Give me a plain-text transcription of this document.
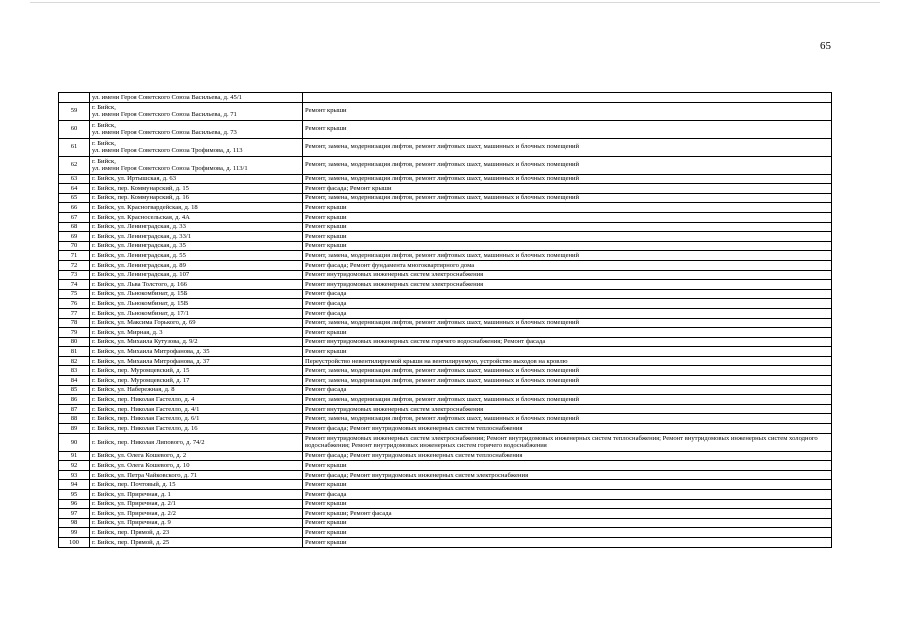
65
	ул. имени Героя Советского Союза Васильева, д. 45/1	
59	г. Бийск,
ул. имени Героя Советского Союза Васильева, д. 71	Ремонт крыши
60	г. Бийск,
ул. имени Героя Советского Союза Васильева, д. 73	Ремонт крыши
61	г. Бийск,
ул. имени Героя Советского Союза Трофимова, д. 113	Ремонт, замена, модернизация лифтов, ремонт лифтовых шахт, машинных и блочных помещений
62	г. Бийск,
ул. имени Героя Советского Союза Трофимова, д. 113/1	Ремонт, замена, модернизация лифтов, ремонт лифтовых шахт, машинных и блочных помещений
63	г. Бийск, ул. Иртышская, д. 63	Ремонт, замена, модернизация лифтов, ремонт лифтовых шахт, машинных и блочных помещений
64	г. Бийск, пер. Коммунарский, д. 15	Ремонт фасада; Ремонт крыши
65	г. Бийск, пер. Коммунарский, д. 16	Ремонт, замена, модернизация лифтов, ремонт лифтовых шахт, машинных и блочных помещений
66	г. Бийск, ул. Красногвардейская, д. 18	Ремонт крыши
67	г. Бийск, ул. Красносельская, д. 4А	Ремонт крыши
68	г. Бийск, ул. Ленинградская, д. 33	Ремонт крыши
69	г. Бийск, ул. Ленинградская, д. 33/1	Ремонт крыши
70	г. Бийск, ул. Ленинградская, д. 35	Ремонт крыши
71	г. Бийск, ул. Ленинградская, д. 55	Ремонт, замена, модернизация лифтов, ремонт лифтовых шахт, машинных и блочных помещений
72	г. Бийск, ул. Ленинградская, д. 89	Ремонт фасада; Ремонт фундамента многоквартирного дома
73	г. Бийск, ул. Ленинградская, д. 107	Ремонт внутридомовых инженерных систем электроснабжения
74	г. Бийск, ул. Льва Толстого, д. 166	Ремонт внутридомовых инженерных систем электроснабжения
75	г. Бийск, ул. Льнокомбинат, д. 15Б	Ремонт фасада
76	г. Бийск, ул. Льнокомбинат, д. 15В	Ремонт фасада
77	г. Бийск, ул. Льнокомбинат, д. 17/1	Ремонт фасада
78	г. Бийск, ул. Максима Горького, д. 69	Ремонт, замена, модернизация лифтов, ремонт лифтовых шахт, машинных и блочных помещений
79	г. Бийск, ул. Мирная, д. 3	Ремонт крыши
80	г. Бийск, ул. Михаила Кутузова, д. 9/2	Ремонт внутридомовых инженерных систем горячего водоснабжения; Ремонт фасада
81	г. Бийск, ул. Михаила Митрофанова, д. 35	Ремонт крыши
82	г. Бийск, ул. Михаила Митрофанова, д. 37	Переустройство невентилируемой крыши на вентилируемую, устройство выходов на кровлю
83	г. Бийск, пер. Муромцевский, д. 15	Ремонт, замена, модернизация лифтов, ремонт лифтовых шахт, машинных и блочных помещений
84	г. Бийск, пер. Муромцевский, д. 17	Ремонт, замена, модернизация лифтов, ремонт лифтовых шахт, машинных и блочных помещений
85	г. Бийск, ул. Набережная, д. 8	Ремонт фасада
86	г. Бийск, пер. Николая Гастелло, д. 4	Ремонт, замена, модернизация лифтов, ремонт лифтовых шахт, машинных и блочных помещений
87	г. Бийск, пер. Николая Гастелло, д. 4/1	Ремонт внутридомовых инженерных систем электроснабжения
88	г. Бийск, пер. Николая Гастелло, д. 6/1	Ремонт, замена, модернизация лифтов, ремонт лифтовых шахт, машинных и блочных помещений
89	г. Бийск, пер. Николая Гастелло, д. 16	Ремонт фасада; Ремонт внутридомовых инженерных систем теплоснабжения
90	г. Бийск, пер. Николая Липового, д. 74/2	Ремонт внутридомовых инженерных систем электроснабжения; Ремонт внутридомовых инженерных систем теплоснабжения; Ремонт внутридомовых инженерных систем холодного водоснабжения; Ремонт внутридомовых инженерных систем горячего водоснабжения
91	г. Бийск, ул. Олега Кошевого, д. 2	Ремонт фасада; Ремонт внутридомовых инженерных систем теплоснабжения
92	г. Бийск, ул. Олега Кошевого, д. 10	Ремонт крыши
93	г. Бийск, ул. Петра Чайковского, д. 71	Ремонт фасада; Ремонт внутридомовых инженерных систем электроснабжения
94	г. Бийск, пер. Почтовый, д. 15	Ремонт крыши
95	г. Бийск, ул. Приречная, д. 1	Ремонт фасада
96	г. Бийск, ул. Приречная, д. 2/1	Ремонт крыши
97	г. Бийск, ул. Приречная, д. 2/2	Ремонт крыши; Ремонт фасада
98	г. Бийск, ул. Приречная, д. 9	Ремонт крыши
99	г. Бийск, пер. Прямой, д. 23	Ремонт крыши
100	г. Бийск, пер. Прямой, д. 25	Ремонт крыши
